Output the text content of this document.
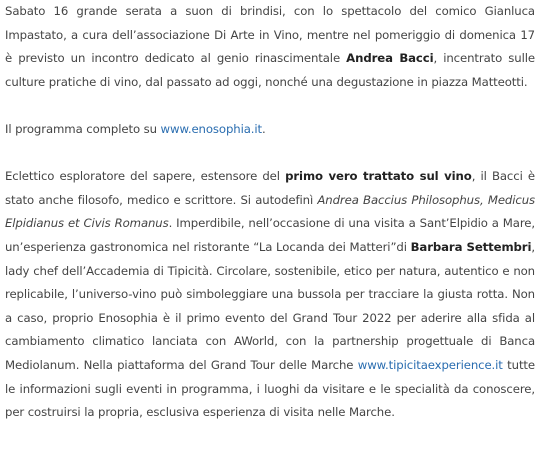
Sabato 16 grande serata a suon di brindisi, con lo spettacolo del comico Gianluca Impastato, a cura dell’associazione Di Arte in Vino, mentre nel pomeriggio di domenica 17 è previsto un incontro dedicato al genio rinascimentale Andrea Bacci, incentrato sulle culture pratiche di vino, dal passato ad oggi, nonché una degustazione in piazza Matteotti.

Il programma completo su www.enosophia.it.

Eclettico esploratore del sapere, estensore del primo vero trattato sul vino, il Bacci è stato anche filosofo, medico e scrittore. Si autodefinì Andrea Baccius Philosophus, Medicus Elpidianus et Civis Romanus. Imperdibile, nell’occasione di una visita a Sant’Elpidio a Mare, un’esperienza gastronomica nel ristorante “La Locanda dei Matteri”di Barbara Settembri, lady chef dell’Accademia di Tipicità. Circolare, sostenibile, etico per natura, autentico e non replicabile, l’universo-vino può simboleggiare una bussola per tracciare la giusta rotta. Non a caso, proprio Enosophia è il primo evento del Grand Tour 2022 per aderire alla sfida al cambiamento climatico lanciata con AWorld, con la partnership progettuale di Banca Mediolanum. Nella piattaforma del Grand Tour delle Marche www.tipicitaexperience.it tutte le informazioni sugli eventi in programma, i luoghi da visitare e le specialità da conoscere, per costruirsi la propria, esclusiva esperienza di visita nelle Marche.
